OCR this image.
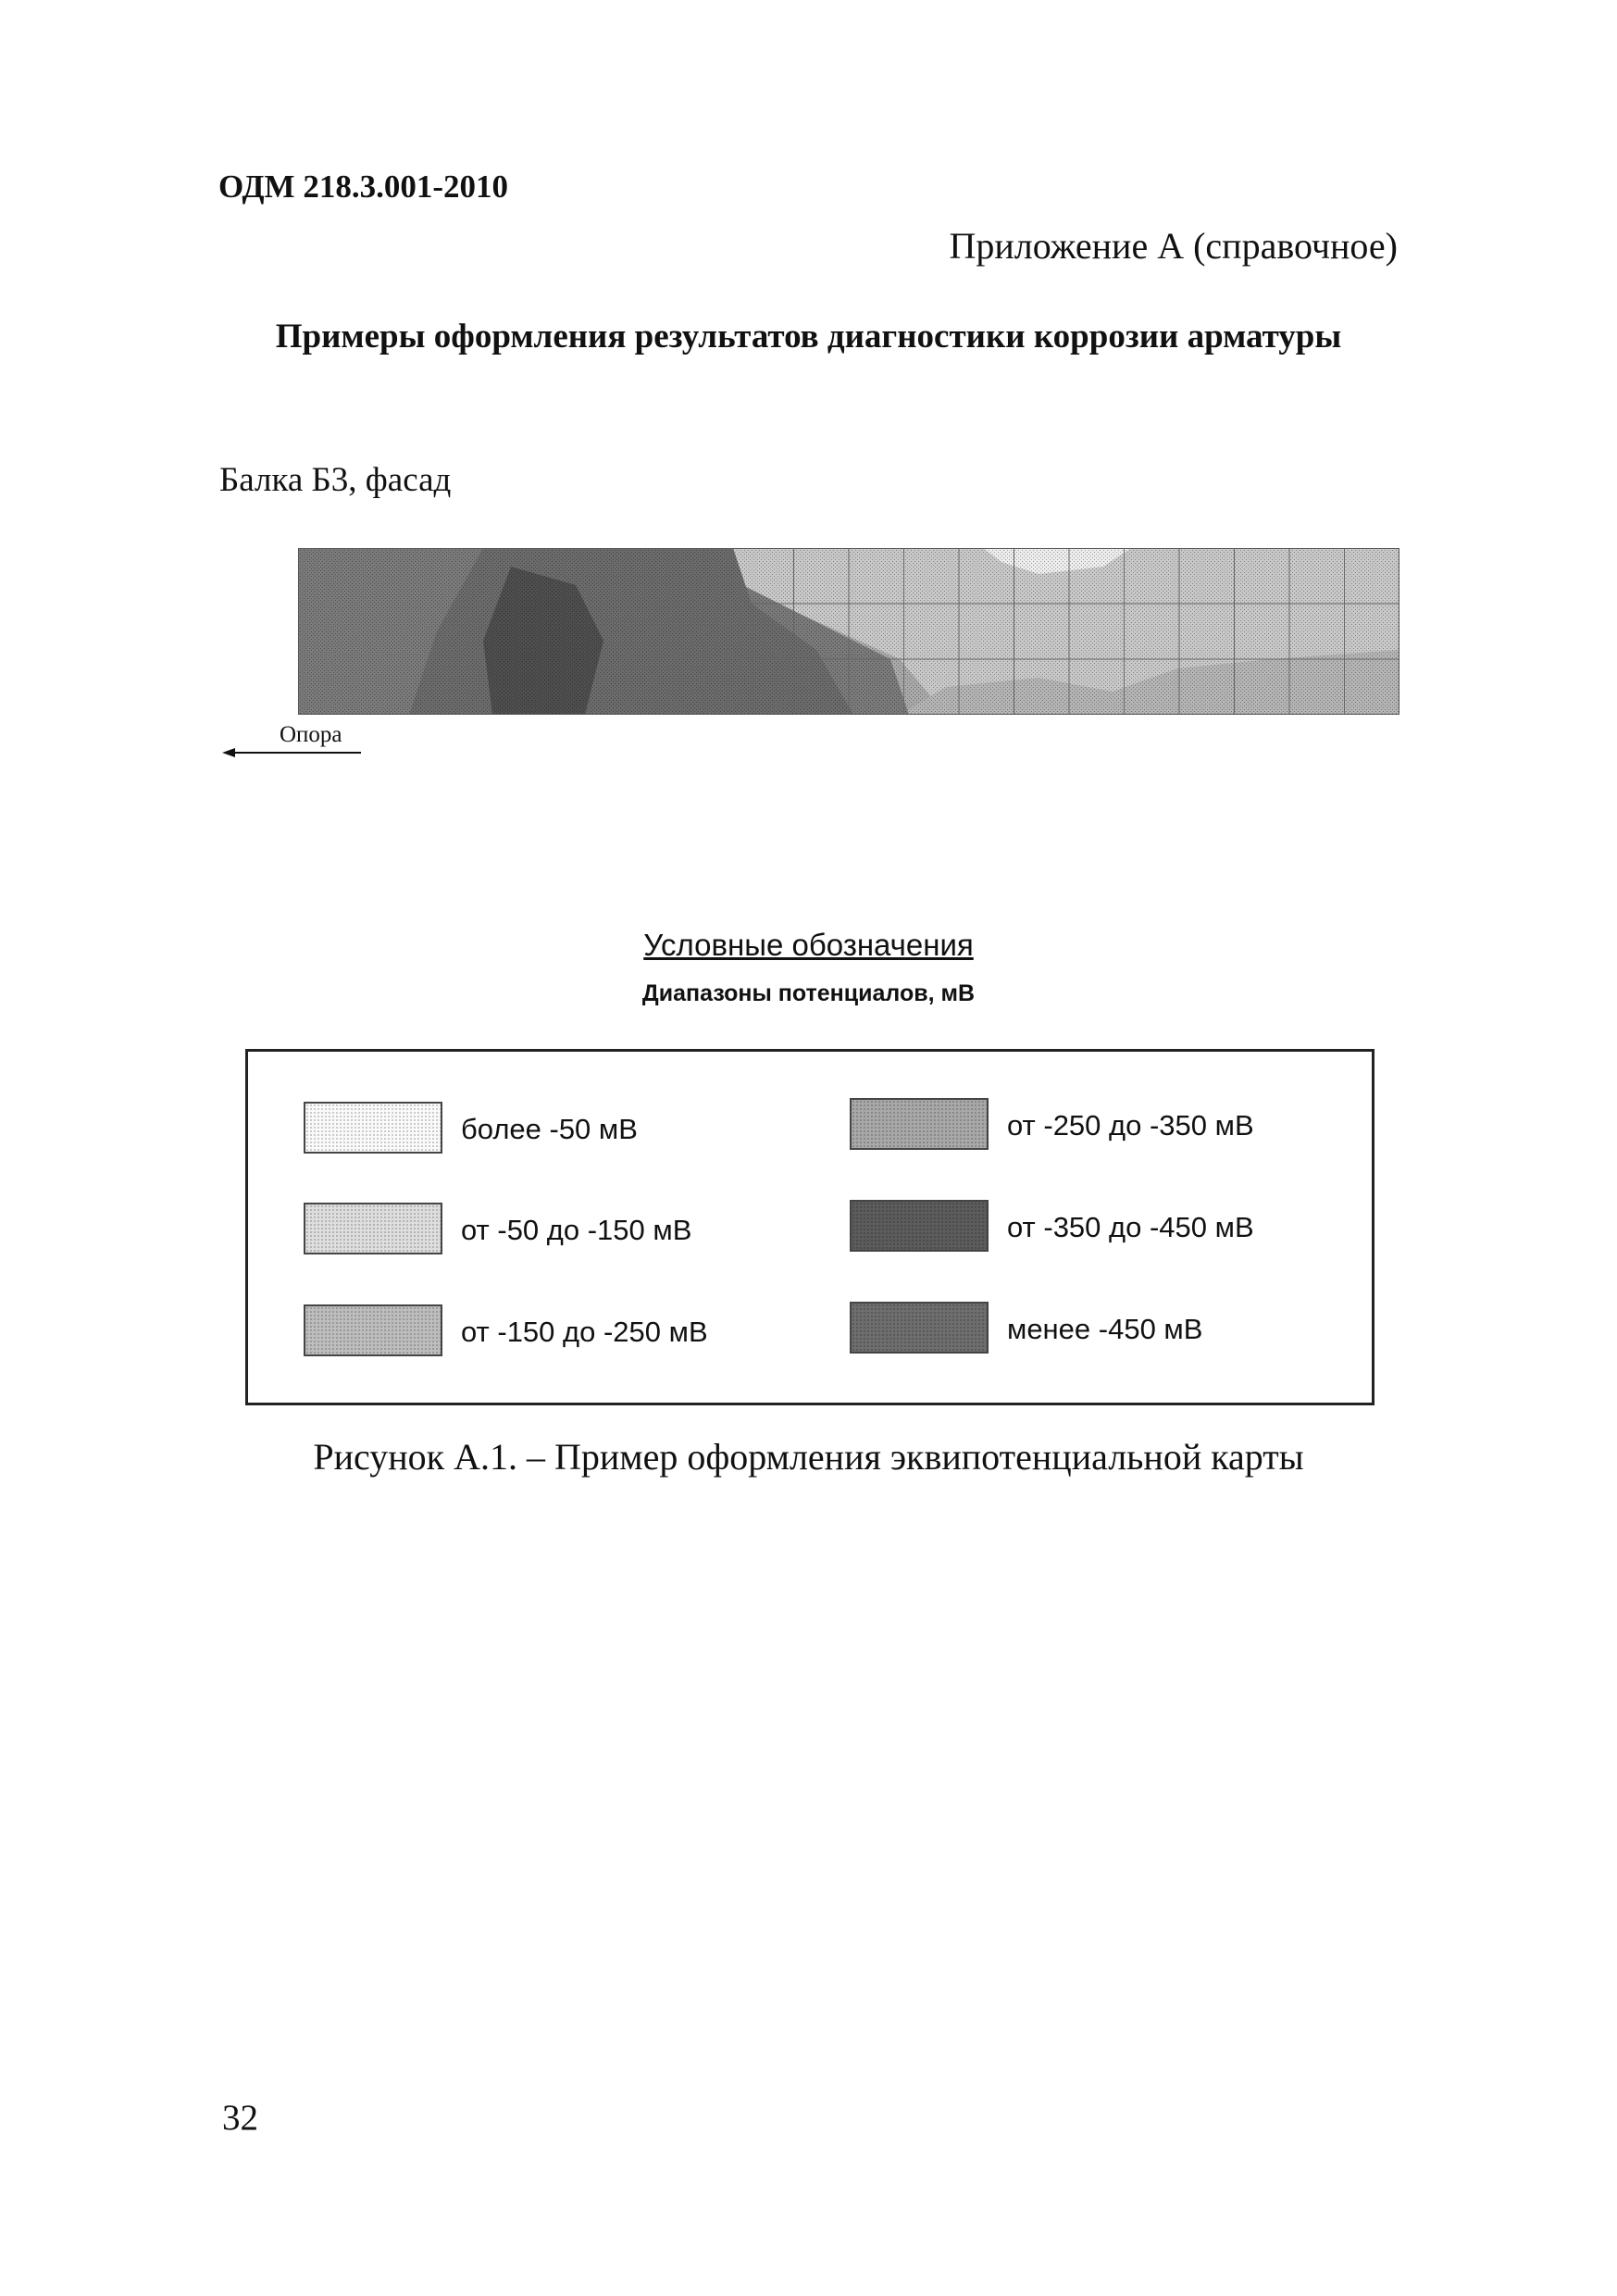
ОДМ 218.3.001-2010
Приложение А (справочное)
Примеры оформления результатов диагностики коррозии арматуры
Балка Б3, фасад
Опора
Условные обозначения
Диапазоны потенциалов, мВ
более -50 мВ
от -50 до -150 мВ
от -150 до -250 мВ
от -250 до -350 мВ
от -350 до -450 мВ
менее -450 мВ
Рисунок А.1. – Пример оформления эквипотенциальной карты
32
